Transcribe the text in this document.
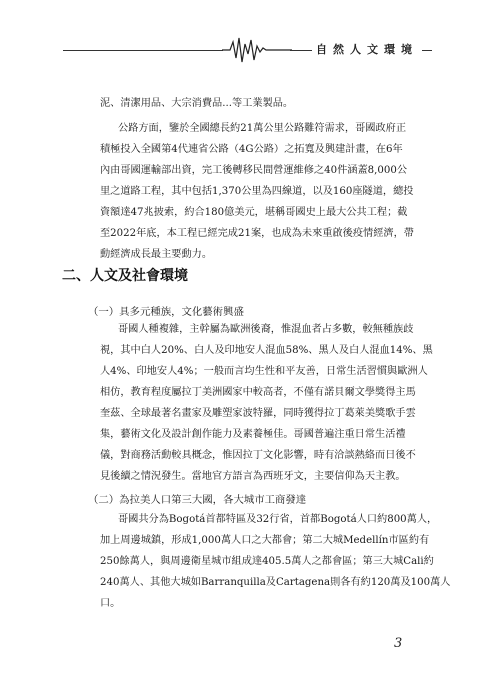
自然人文環境
泥、清潔用品、大宗消費品...等工業製品。
公路方面，鑒於全國總長約21萬公里公路難符需求，哥國政府正
積極投入全國第4代連省公路（4G公路）之拓寬及興建計畫，在6年
內由哥國運輸部出資，完工後轉移民間營運維修之40件涵蓋8,000公
里之道路工程，其中包括1,370公里為四線道，以及160座隧道，總投
資額達47兆披索，約合180億美元，堪稱哥國史上最大公共工程；截
至2022年底，本工程已經完成21案，也成為未來重啟後疫情經濟，帶
動經濟成長最主要動力。
二、人文及社會環境
（一）具多元種族，文化藝術興盛
哥國人種複雜，主幹屬為歐洲後裔，惟混血者占多數，較無種族歧
視，其中白人20%、白人及印地安人混血58%、黑人及白人混血14%、黑
人4%、印地安人4%；一般而言均生性和平友善，日常生活習慣與歐洲人
相仿，教育程度屬拉丁美洲國家中較高者，不僅有諾貝爾文學獎得主馬
奎茲、全球最著名畫家及雕塑家波特羅，同時獲得拉丁葛萊美獎歌手雲
集，藝術文化及設計創作能力及素養極佳。哥國普遍注重日常生活禮
儀，對商務活動較具概念，惟因拉丁文化影響，時有洽談熱絡而日後不
見後續之情況發生。當地官方語言為西班牙文，主要信仰為天主教。
（二）為拉美人口第三大國，各大城市工商發達
哥國共分為Bogotá首都特區及32行省，首都Bogotá人口約800萬人，
加上周邊城鎮，形成1,000萬人口之大都會；第二大城Medellín市區約有
250餘萬人，與周邊衛星城市組成達405.5萬人之都會區；第三大城Cali約
240萬人、其他大城如Barranquilla及Cartagena則各有約120萬及100萬人
口。
3
